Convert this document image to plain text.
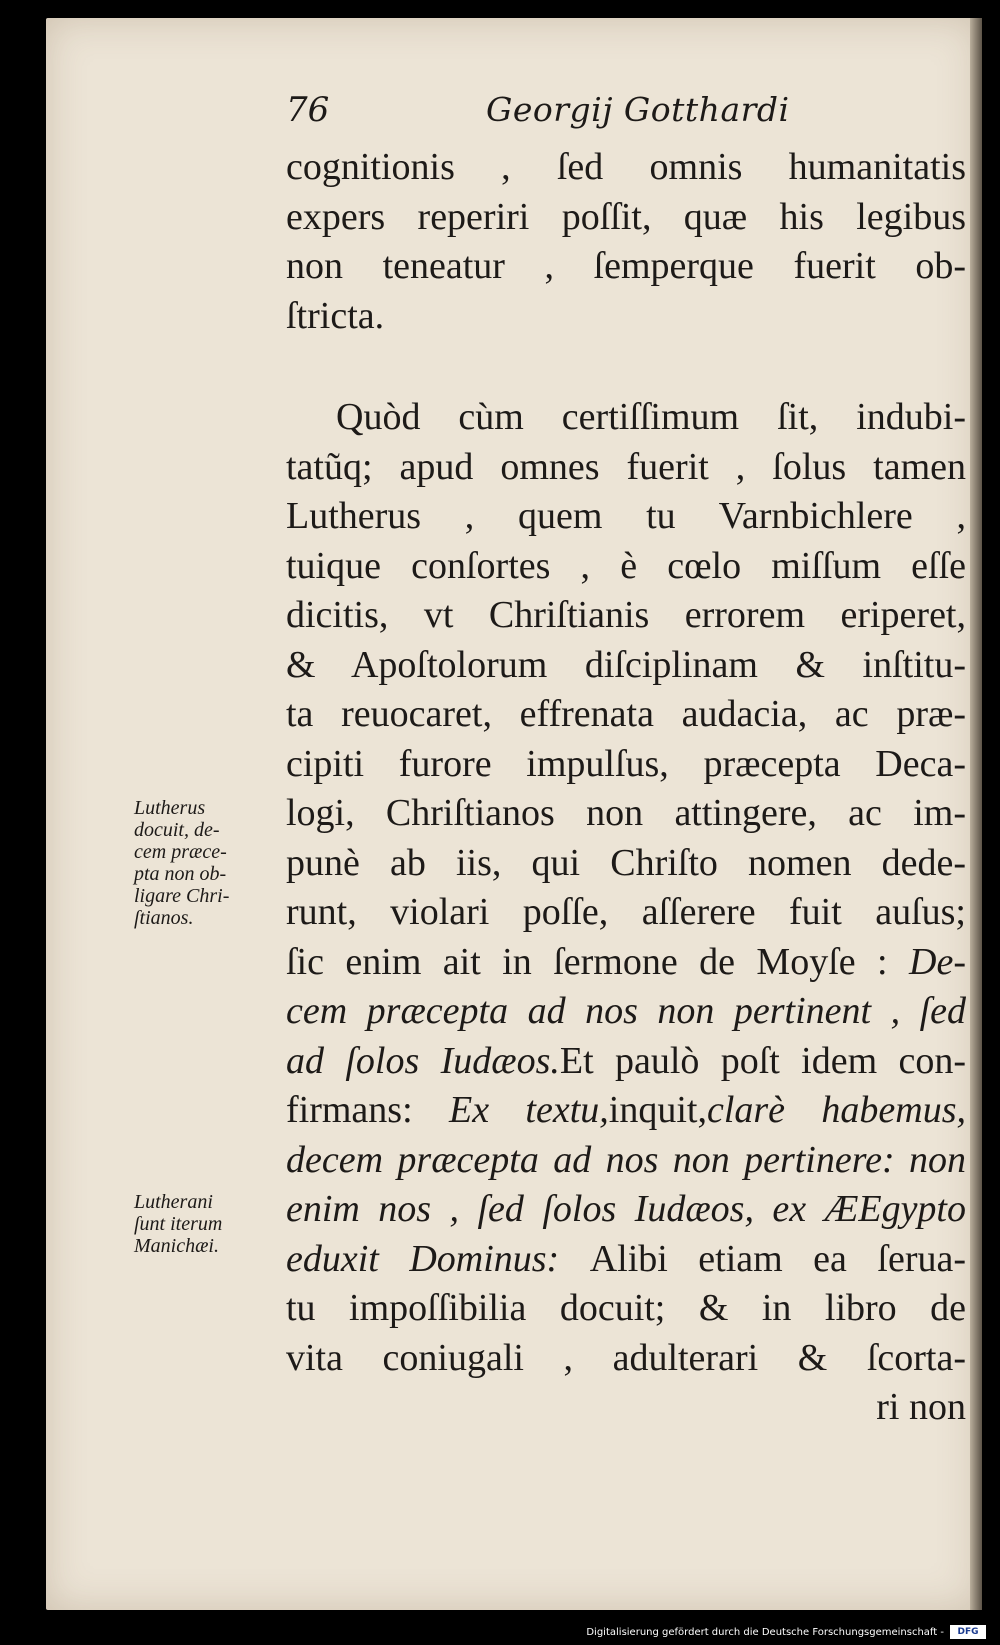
76	Georgij Gotthardi
cognitionis , ſed omnis humanitatis
expers reperiri poſſit, quæ his legibus
non teneatur , ſemperque fuerit ob-
ſtricta.
Quòd cùm certiſſimum ſit, indubi-
tatũq; apud omnes fuerit , ſolus tamen
Lutherus , quem tu Varnbichlere ,
tuique conſortes , è cœlo miſſum eſſe
dicitis, vt Chriſtianis errorem eriperet,
& Apoſtolorum diſciplinam & inſtitu-
ta reuocaret, effrenata audacia, ac præ-
cipiti furore impulſus, præcepta Deca-
logi, Chriſtianos non attingere, ac im-
punè ab iis, qui Chriſto nomen dede-
runt, violari poſſe, aſſerere fuit auſus;
ſic enim ait in ſermone de Moyſe : De-
cem præcepta ad nos non pertinent , ſed
ad ſolos Iudæos.Et paulò poſt idem con-
firmans: Ex textu,inquit,clarè habemus,
decem præcepta ad nos non pertinere: non
enim nos , ſed ſolos Iudæos, ex ÆEgypto
eduxit Dominus: Alibi etiam ea ſerua-
tu impoſſibilia docuit; & in libro de
vita coniugali , adulterari & ſcorta-
ri non
Lutherus
docuit, de-
cem præce-
pta non ob-
ligare Chri-
ſtianos.
Lutherani
ſunt iterum
Manichæi.
Digitalisierung gefördert durch die Deutsche Forschungsgemeinschaft -	DFG
